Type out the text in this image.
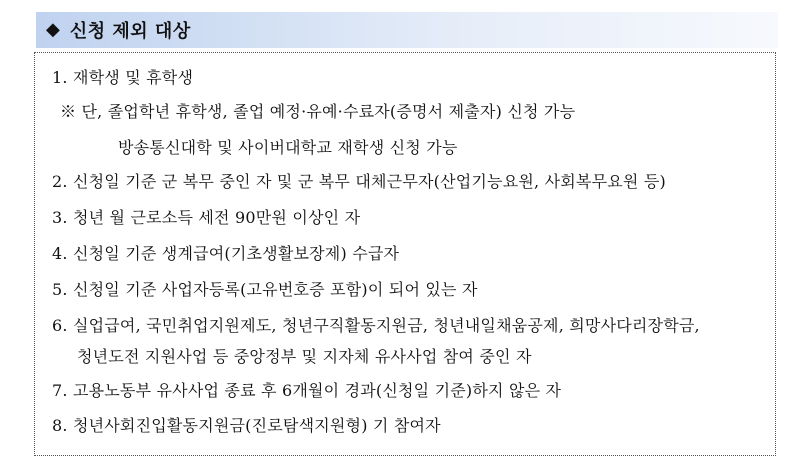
◆ 신청 제외 대상
1. 재학생 및 휴학생
※ 단, 졸업학년 휴학생, 졸업 예정·유예·수료자(증명서 제출자) 신청 가능
방송통신대학 및 사이버대학교 재학생 신청 가능
2. 신청일 기준 군 복무 중인 자 및 군 복무 대체근무자(산업기능요원, 사회복무요원 등)
3. 청년 월 근로소득 세전 90만원 이상인 자
4. 신청일 기준 생계급여(기초생활보장제) 수급자
5. 신청일 기준 사업자등록(고유번호증 포함)이 되어 있는 자
6. 실업급여, 국민취업지원제도, 청년구직활동지원금, 청년내일채움공제, 희망사다리장학금,
청년도전 지원사업 등 중앙정부 및 지자체 유사사업 참여 중인 자
7. 고용노동부 유사사업 종료 후 6개월이 경과(신청일 기준)하지 않은 자
8. 청년사회진입활동지원금(진로탐색지원형) 기 참여자
